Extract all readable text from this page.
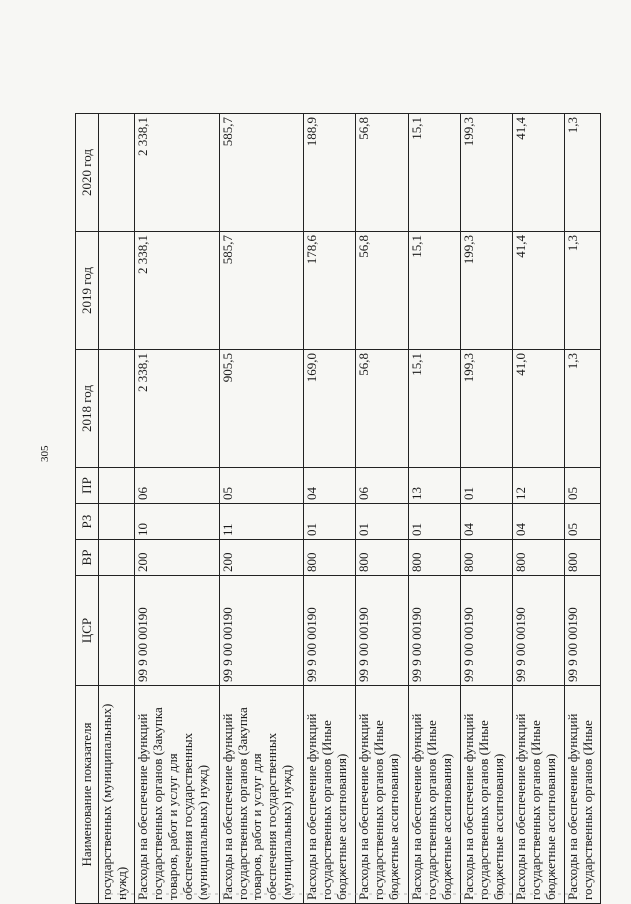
305
Наименование показателя	ЦСР	ВР	РЗ	ПР	2018 год	2019 год	2020 год
государственных (муниципальных) нужд)							
Расходы на обеспечение функций государственных органов (Закупка товаров, работ и услуг для обеспечения государственных (муниципальных) нужд)	99 9 00 00190	200	10	06	2 338,1	2 338,1	2 338,1
Расходы на обеспечение функций государственных органов (Закупка товаров, работ и услуг для обеспечения государственных (муниципальных) нужд)	99 9 00 00190	200	11	05	905,5	585,7	585,7
Расходы на обеспечение функций государственных органов (Иные бюджетные ассигнования)	99 9 00 00190	800	01	04	169,0	178,6	188,9
Расходы на обеспечение функций государственных органов (Иные бюджетные ассигнования)	99 9 00 00190	800	01	06	56,8	56,8	56,8
Расходы на обеспечение функций государственных органов (Иные бюджетные ассигнования)	99 9 00 00190	800	01	13	15,1	15,1	15,1
Расходы на обеспечение функций государственных органов (Иные бюджетные ассигнования)	99 9 00 00190	800	04	01	199,3	199,3	199,3
Расходы на обеспечение функций государственных органов (Иные бюджетные ассигнования)	99 9 00 00190	800	04	12	41,0	41,4	41,4
Расходы на обеспечение функций государственных органов (Иные	99 9 00 00190	800	05	05	1,3	1,3	1,3
